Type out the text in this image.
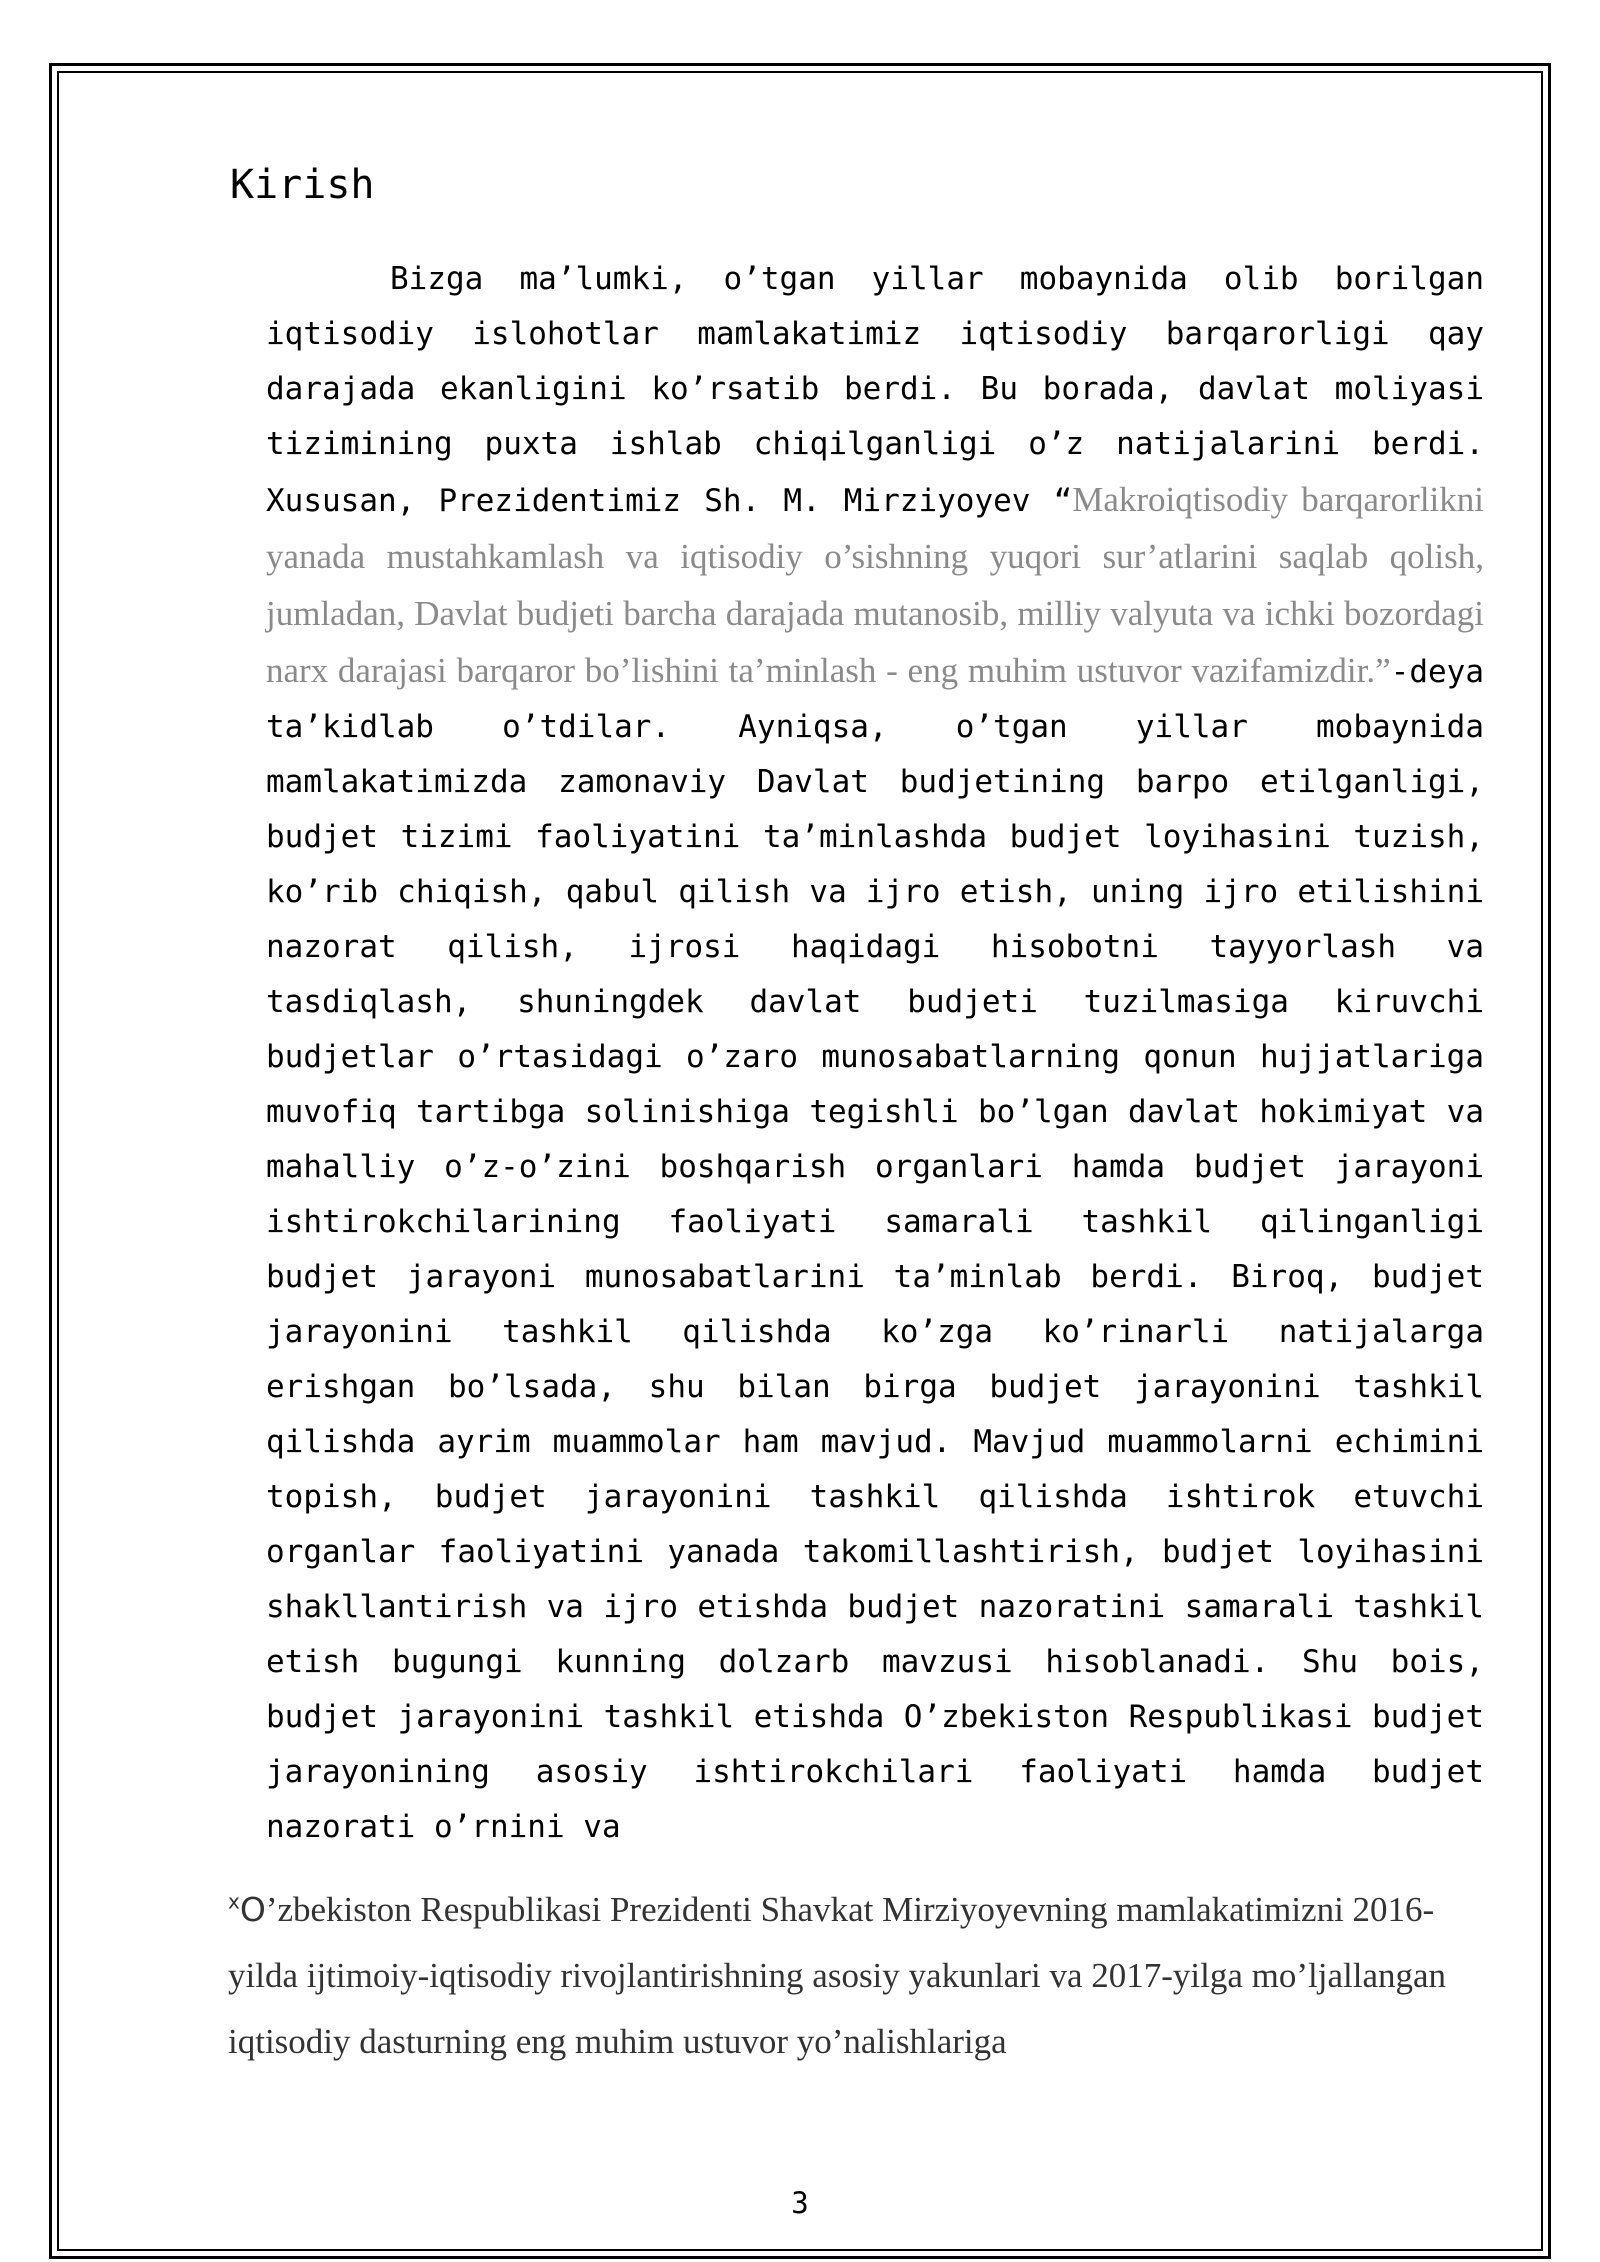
Kirish

Bizga ma’lumki, o’tgan yillar mobaynida olib borilgan iqtisodiy islohotlar mamlakatimiz iqtisodiy barqarorligi qay darajada ekanligini ko’rsatib berdi. Bu borada, davlat moliyasi tizimining puxta ishlab chiqilganligi o’z natijalarini berdi. Xususan, Prezidentimiz Sh. M. Mirziyoyev “Makroiqtisodiy barqarorlikni yanada mustahkamlash va iqtisodiy o’sishning yuqori sur’atlarini saqlab qolish, jumladan, Davlat budjeti barcha darajada mutanosib, milliy valyuta va ichki bozordagi narx darajasi barqaror bo’lishini ta’minlash - eng muhim ustuvor vazifamizdir.”-deya ta’kidlab o’tdilar. Ayniqsa, o’tgan yillar mobaynida mamlakatimizda zamonaviy Davlat budjetining barpo etilganligi, budjet tizimi faoliyatini ta’minlashda budjet loyihasini tuzish, ko’rib chiqish, qabul qilish va ijro etish, uning ijro etilishini nazorat qilish, ijrosi haqidagi hisobotni tayyorlash va tasdiqlash, shuningdek davlat budjeti tuzilmasiga kiruvchi budjetlar o’rtasidagi o’zaro munosabatlarning qonun hujjatlariga muvofiq tartibga solinishiga tegishli bo’lgan davlat hokimiyat va mahalliy o’z-o’zini boshqarish organlari hamda budjet jarayoni ishtirokchilarining faoliyati samarali tashkil qilinganligi budjet jarayoni munosabatlarini ta’minlab berdi. Biroq, budjet jarayonini tashkil qilishda ko’zga ko’rinarli natijalarga erishgan bo’lsada, shu bilan birga budjet jarayonini tashkil qilishda ayrim muammolar ham mavjud. Mavjud muammolarni echimini topish, budjet jarayonini tashkil qilishda ishtirok etuvchi organlar faoliyatini yanada takomillashtirish, budjet loyihasini shakllantirish va ijro etishda budjet nazoratini samarali tashkil etish bugungi kunning dolzarb mavzusi hisoblanadi. Shu bois, budjet jarayonini tashkil etishda O’zbekiston Respublikasi budjet jarayonining asosiy ishtirokchilari faoliyati hamda budjet nazorati o’rnini va

$^x$O’zbekiston Respublikasi Prezidenti Shavkat Mirziyoyevning mamlakatimizni 2016-yilda ijtimoiy-iqtisodiy rivojlantirishning asosiy yakunlari va 2017-yilga mo’ljallangan iqtisodiy dasturning eng muhim ustuvor yo’nalishlariga

3
